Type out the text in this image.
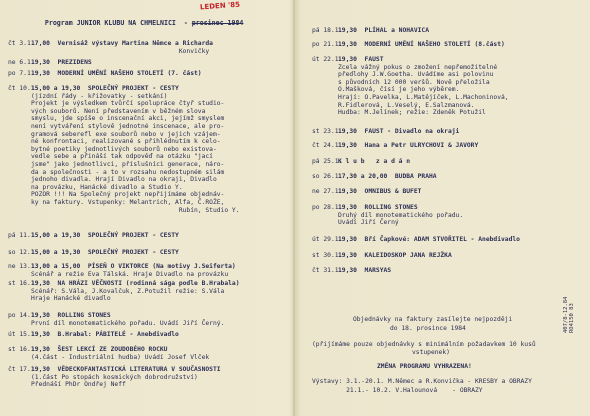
Program JUNIOR KLUBU NA CHMELNICI  - prosinec 1984

LEDEN '85
čt 3.1.
17,00  Vernisáž výstavy Martina Němce a Richarda
Konvičky
ne 6.1.
19,30  PREZIDENS
po 7.1.
19,30  MODERNÍ UMĚNÍ NAŠEHO STOLETÍ (7. část)
čt 10.1.
15,00 a 19,30  SPOLEČNÝ PROJEKT - CESTY
(jízdní řády - křižovatky - setkání)
Projekt je výsledkem tvůrčí spolupráce čtyř studio-
vých souborů. Není představením v běžném slova
smyslu, jde spíše o inscenační akci, jejímž smyslem
není vytváření stylově jednotné inscenace, ale pro-
gramová seberefl exe souborů nebo v jejich vzájem-
né konfrontaci, realizované s přihlédnutím k celo-
bytné poetiky jednotlivých souborů nebo existova-
vedle sebe a přináší tak odpověď na otázku "jací
jsme" jako jednotlivci, příslušníci generace, náro-
da a společnosti - a to v rozsahu nedostupném silám
jednoho divadla. Hrají Divadlo na okraji, Divadlo
na provázku, Hanácké divadlo a Studio Y.
POZOR !!! Na Společný projekt nepřijímáme objednáv-
ky na faktury. Vstupenky: Melantrich, Alfa, Č.ROŽE,
Rubín, Studio Y.
pá 11.1.
15,00 a 19,30  SPOLEČNÝ PROJEKT - CESTY
so 12.1.
15,00 a 19,30  SPOLEČNÝ PROJEKT - CESTY
ne 13.1.
13,00 a 15,00  PÍSEŇ O VIKTORCE (Na motivy J.Seiferta)
Scénář a režie Eva Tálská. Hraje Divadlo na provázku
st 16.1.
19,30  NA HRÁZI VĚČNOSTI (rodinná sága podle B.Hrabala)
Scénář: S.Vála, J.Kovalčuk, Z.Potužil režie: S.Vála
Hraje Hanácké divadlo
po 14.1.
19,30  ROLLING STONES
První díl monotematického pořadu. Uvádí Jiří Černý.
út 15.1.
19,30  B.Hrabal: PÁBITELÉ - Anebdivadlo
st 16.1.
19,30  ŠEST LEKCÍ ZE ZOUDOBÉHO ROCKU
(4.část - Industriální hudba) Uvádí Josef Vlček
čt 17.1.
19,30  VĚDECKOFANTASTICKÁ LITERATURA V SOUČASNOSTI
(1.část Po stopách kosmických dobrodružství)
Přednáší PhDr Ondřej Neff
pá 18.1.
19,30  PLÍHAL a NOHAVICA
po 21.1.
19,30  MODERNÍ UMĚNÍ NAŠEHO STOLETÍ (8.část)
út 22.1.
19,30  FAUST
Zcela vážný pokus o zmožení nepřemožitelné
předlohy J.W.Goetha. Uvádíme asi polovinu
s původních 12 000 veršů. Nově přeložila
O.Mašková, čísí je jeho výběrem.
Hrají: O.Pavelka, L.Matějíček, L.Machoninová,
R.Fidlerová, L.Veselý, E.Salzmanová.
Hudba: M.Jelínek; režie: Zdeněk Potužil
st 23.1.
19,30  FAUST - Divadlo na okraji
čt 24.1.
19,30  Hana a Petr ULRYCHOVI & JAVORY
pá 25.1.
K l u b   z a d á n
so 26.1.
17,30 a 20,00  BUDBA PRAHA
ne 27.1.
19,30  OMNIBUS & BUFET
po 28.1.
19,30  ROLLING STONES
Druhý díl monotematického pořadu.
Uvádí Jiří Černý
út 29.1.
19,30  Bří Čapkové: ADAM STVOŘITEL - Anebdivadlo
st 30.1.
19,30  KALEIDOSKOP JANA REJŽKA
čt 31.1.
19,30  MARSYAS
Objednávky na faktury zasílejte nejpozději
do 18. prosince 1984
(přijímáme pouze objednávky s minimálním požadavkem 10 kusů
vstupenek)
ZMĚNA PROGRAMU VYHRAZENA!
Výstavy: 3.1.-20.1. M.Němec a R.Konvička - KRESBY a OBRAZY
21.1.- 10.2. V.Halounová    - OBRAZY
407/8-12.84
RO4150 83
